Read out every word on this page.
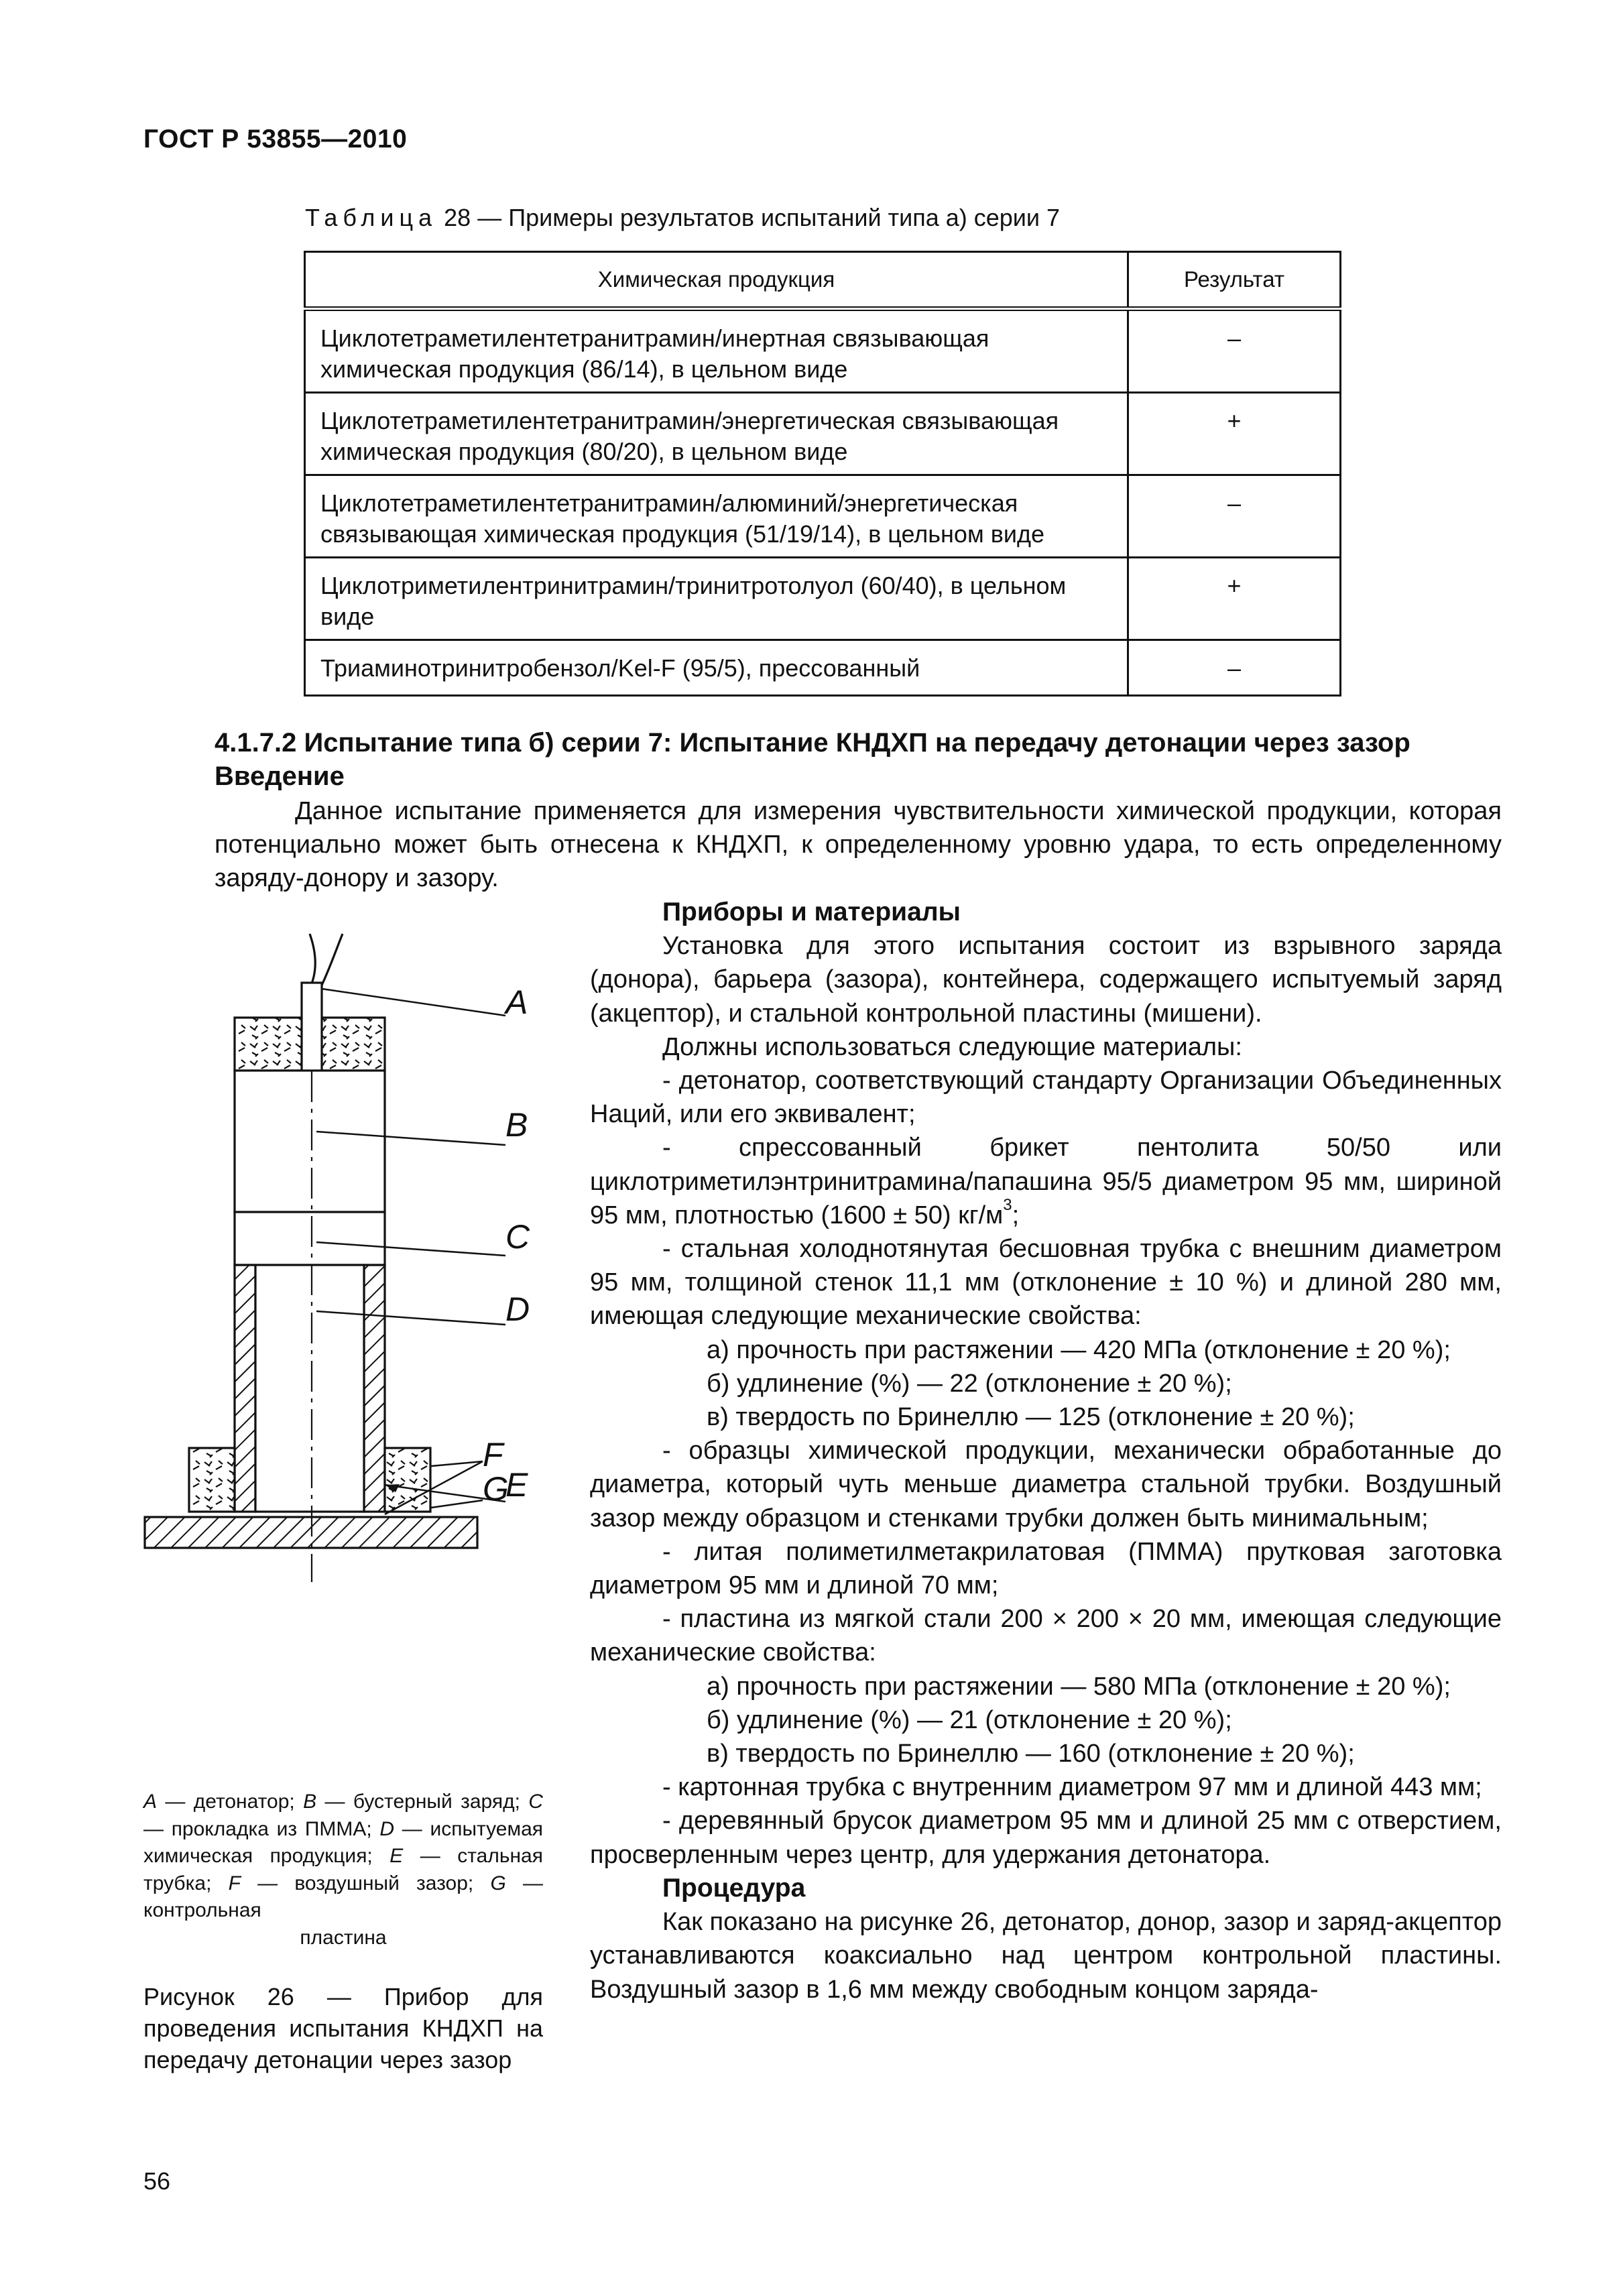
ГОСТ Р 53855—2010
Таблица 28 — Примеры результатов испытаний типа а) серии 7
Химическая продукция	Результат
Циклотетраметилентетранитрамин/инертная связывающая химическая продукция (86/14), в цельном виде	–
Циклотетраметилентетранитрамин/энергетическая связывающая химическая продукция (80/20), в цельном виде	+
Циклотетраметилентетранитрамин/алюминий/энергетическая связывающая химическая продукция (51/19/14), в цельном виде	–
Циклотриметилентринитрамин/тринитротолуол (60/40), в цельном виде	+
Триаминотринитробензол/Kel-F (95/5), прессованный	–
4.1.7.2 Испытание типа б) серии 7: Испытание КНДХП на передачу детонации через зазор
Введение

Данное испытание применяется для измерения чувствительности химической продукции, которая потенциально может быть отнесена к КНДХП, к определенному уровню удара, то есть определенному заряду-донору и зазору.

Приборы и материалы

Установка для этого испытания состоит из взрывного заряда (донора), барьера (зазора), контейнера, содержащего испытуемый заряд (акцептор), и стальной контрольной пластины (мишени).

Должны использоваться следующие материалы:

- детонатор, соответствующий стандарту Организации Объединенных Наций, или его эквивалент;

- спрессованный брикет пентолита 50/50 или циклотриметилэнтринитрамина/папашина 95/5 диаметром 95 мм, шириной 95 мм, плотностью (1600 ± 50) $кг/м^3$;

- стальная холоднотянутая бесшовная трубка с внешним диаметром 95 мм, толщиной стенок 11,1 мм (отклонение ± 10 %) и длиной 280 мм, имеющая следующие механические свойства:

а) прочность при растяжении — 420 МПа (отклонение ± 20 %);

б) удлинение (%) — 22 (отклонение ± 20 %);

в) твердость по Бринеллю — 125 (отклонение ± 20 %);

- образцы химической продукции, механически обработанные до диаметра, который чуть меньше диаметра стальной трубки. Воздушный зазор между образцом и стенками трубки должен быть минимальным;

- литая полиметилметакрилатовая (ПММА) прутковая заготовка диаметром 95 мм и длиной 70 мм;

- пластина из мягкой стали 200 × 200 × 20 мм, имеющая следующие механические свойства:

а) прочность при растяжении — 580 МПа (отклонение ± 20 %);

б) удлинение (%) — 21 (отклонение ± 20 %);

в) твердость по Бринеллю — 160 (отклонение ± 20 %);

- картонная трубка с внутренним диаметром 97 мм и длиной 443 мм;

- деревянный брусок диаметром 95 мм и длиной 25 мм с отверстием, просверленным через центр, для удержания детонатора.

Процедура

Как показано на рисунке 26, детонатор, донор, зазор и заряд-акцептор устанавливаются коаксиально над центром контрольной пластины. Воздушный зазор в 1,6 мм между свободным концом заряда-

A
B
C
D
E
F
G
A — детонатор; B — бустерный заряд; C — прокладка из ПММА; D — испытуемая химическая продукция; E — стальная трубка; F — воздушный зазор; G — контрольная
пластина
Рисунок 26 — Прибор для проведения испытания КНДХП на передачу детонации через зазор
56
